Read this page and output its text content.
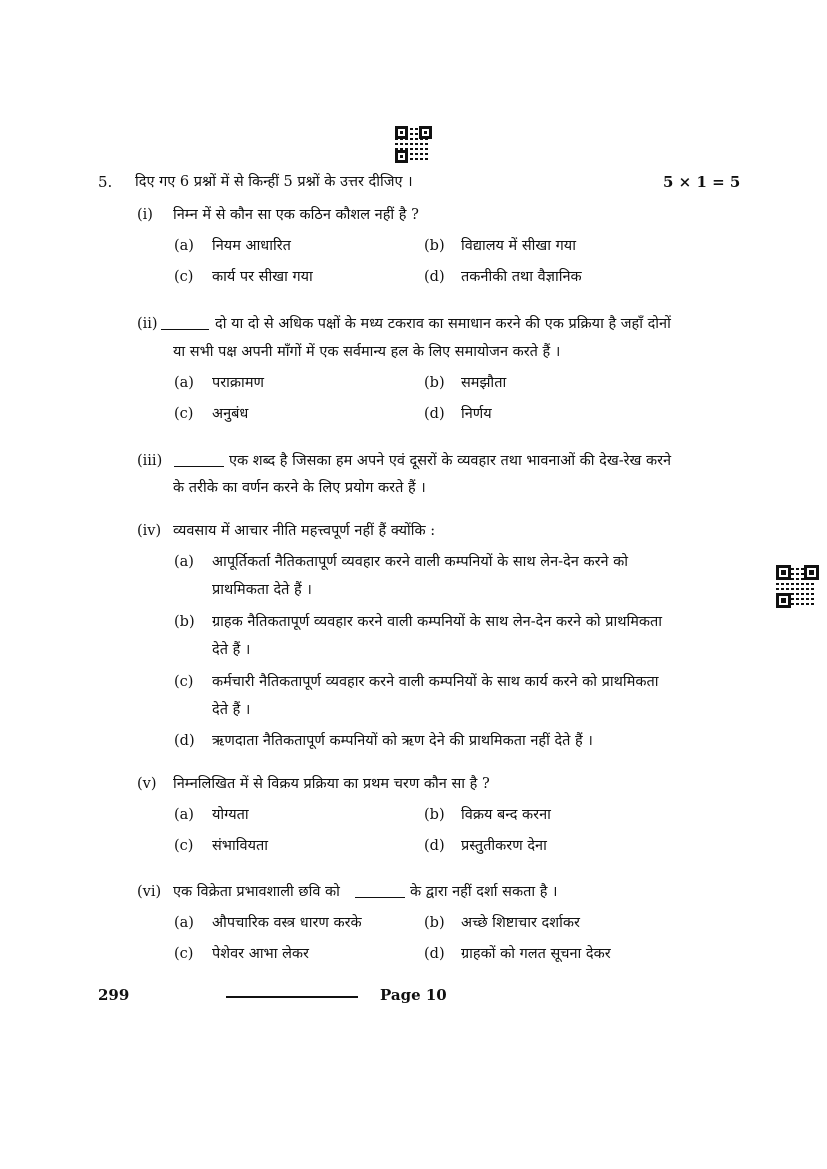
5. दिए गए 6 प्रश्नों में से किन्हीं 5 प्रश्नों के उत्तर दीजिए ।	5 × 1 = 5
(i) निम्न में से कौन सा एक कठिन कौशल नहीं है ?
(a) नियम आधारित	(b) विद्यालय में सीखा गया
(c) कार्य पर सीखा गया	(d) तकनीकी तथा वैज्ञानिक
(ii)	दो या दो से अधिक पक्षों के मध्य टकराव का समाधान करने की एक प्रक्रिया है जहाँ दोनों
या सभी पक्ष अपनी माँगों में एक सर्वमान्य हल के लिए समायोजन करते हैं ।
(a) पराक्रामण	(b) समझौता
(c) अनुबंध	(d) निर्णय
(iii)	एक शब्द है जिसका हम अपने एवं दूसरों के व्यवहार तथा भावनाओं की देख-रेख करने
के तरीके का वर्णन करने के लिए प्रयोग करते हैं ।
(iv) व्यवसाय में आचार नीति महत्त्वपूर्ण नहीं हैं क्योंकि :
(a) आपूर्तिकर्ता नैतिकतापूर्ण व्यवहार करने वाली कम्पनियों के साथ लेन-देन करने को
प्राथमिकता देते हैं ।
(b) ग्राहक नैतिकतापूर्ण व्यवहार करने वाली कम्पनियों के साथ लेन-देन करने को प्राथमिकता
देते हैं ।
(c) कर्मचारी नैतिकतापूर्ण व्यवहार करने वाली कम्पनियों के साथ कार्य करने को प्राथमिकता
देते हैं ।
(d) ऋणदाता नैतिकतापूर्ण कम्पनियों को ऋण देने की प्राथमिकता नहीं देते हैं ।
(v) निम्नलिखित में से विक्रय प्रक्रिया का प्रथम चरण कौन सा है ?
(a) योग्यता	(b) विक्रय बन्द करना
(c) संभावियता	(d) प्रस्तुतीकरण देना
(vi) एक विक्रेता प्रभावशाली छवि को	के द्वारा नहीं दर्शा सकता है ।
(a) औपचारिक वस्त्र धारण करके	(b) अच्छे शिष्टाचार दर्शाकर
(c) पेशेवर आभा लेकर	(d) ग्राहकों को गलत सूचना देकर
299	Page 10
